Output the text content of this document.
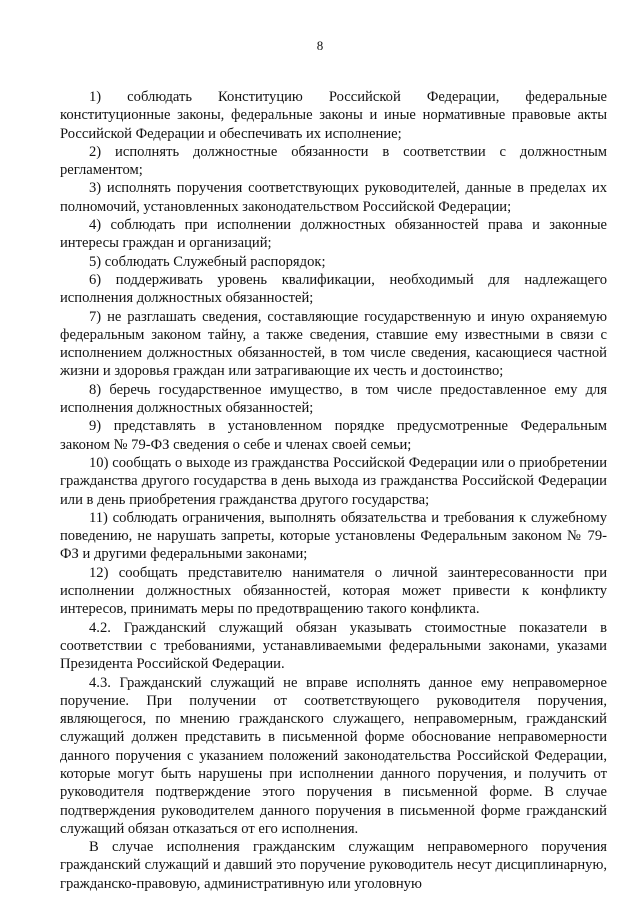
8

1) соблюдать Конституцию Российской Федерации, федеральные конституционные законы, федеральные законы и иные нормативные правовые акты Российской Федерации и обеспечивать их исполнение;

2) исполнять должностные обязанности в соответствии с должностным регламентом;

3) исполнять поручения соответствующих руководителей, данные в пределах их полномочий, установленных законодательством Российской Федерации;

4) соблюдать при исполнении должностных обязанностей права и законные интересы граждан и организаций;

5) соблюдать Служебный распорядок;

6) поддерживать уровень квалификации, необходимый для надлежащего исполнения должностных обязанностей;

7) не разглашать сведения, составляющие государственную и иную охраняемую федеральным законом тайну, а также сведения, ставшие ему известными в связи с исполнением должностных обязанностей, в том числе сведения, касающиеся частной жизни и здоровья граждан или затрагивающие их честь и достоинство;

8) беречь государственное имущество, в том числе предоставленное ему для исполнения должностных обязанностей;

9) представлять в установленном порядке предусмотренные Федеральным законом № 79-ФЗ сведения о себе и членах своей семьи;

10) сообщать о выходе из гражданства Российской Федерации или о приобретении гражданства другого государства в день выхода из гражданства Российской Федерации или в день приобретения гражданства другого государства;

11) соблюдать ограничения, выполнять обязательства и требования к служебному поведению, не нарушать запреты, которые установлены Федеральным законом № 79-ФЗ и другими федеральными законами;

12) сообщать представителю нанимателя о личной заинтересованности при исполнении должностных обязанностей, которая может привести к конфликту интересов, принимать меры по предотвращению такого конфликта.

4.2. Гражданский служащий обязан указывать стоимостные показатели в соответствии с требованиями, устанавливаемыми федеральными законами, указами Президента Российской Федерации.

4.3. Гражданский служащий не вправе исполнять данное ему неправомерное поручение. При получении от соответствующего руководителя поручения, являющегося, по мнению гражданского служащего, неправомерным, гражданский служащий должен представить в письменной форме обоснование неправомерности данного поручения с указанием положений законодательства Российской Федерации, которые могут быть нарушены при исполнении данного поручения, и получить от руководителя подтверждение этого поручения в письменной форме. В случае подтверждения руководителем данного поручения в письменной форме гражданский служащий обязан отказаться от его исполнения.

В случае исполнения гражданским служащим неправомерного поручения гражданский служащий и давший это поручение руководитель несут дисциплинарную, гражданско-правовую, административную или уголовную
